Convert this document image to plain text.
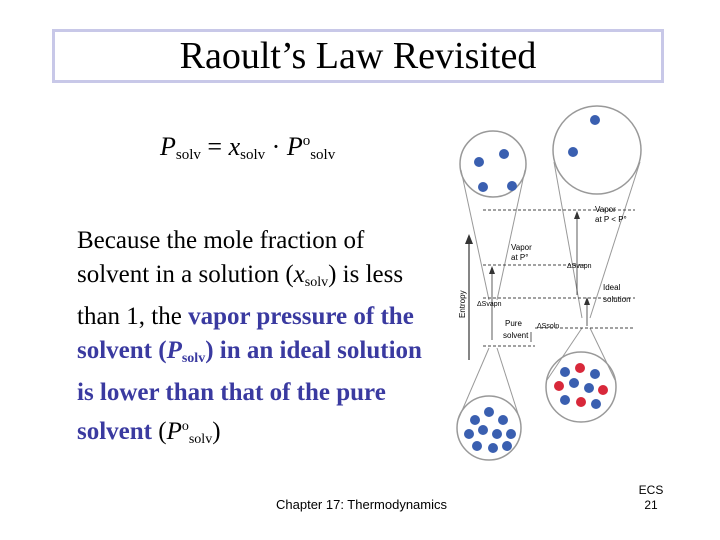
Raoult’s Law Revisited
$P_{solv} = x_{solv} \cdot P^o_{solv}$
Because the mole fraction of solvent in a solution $(x_{solv})$ is less than 1, the vapor pressure of the solvent $(P_{solv})$ in an ideal solution is lower than that of the pure solvent $(P^o_{solv})$
Entropy
Vapor
at P°
Vapor
at P < P°
ΔSvapn
ΔSvapn
Ideal
solution
Pure
solvent
ΔSsoln
Chapter 17: Thermodynamics
ECS
21
